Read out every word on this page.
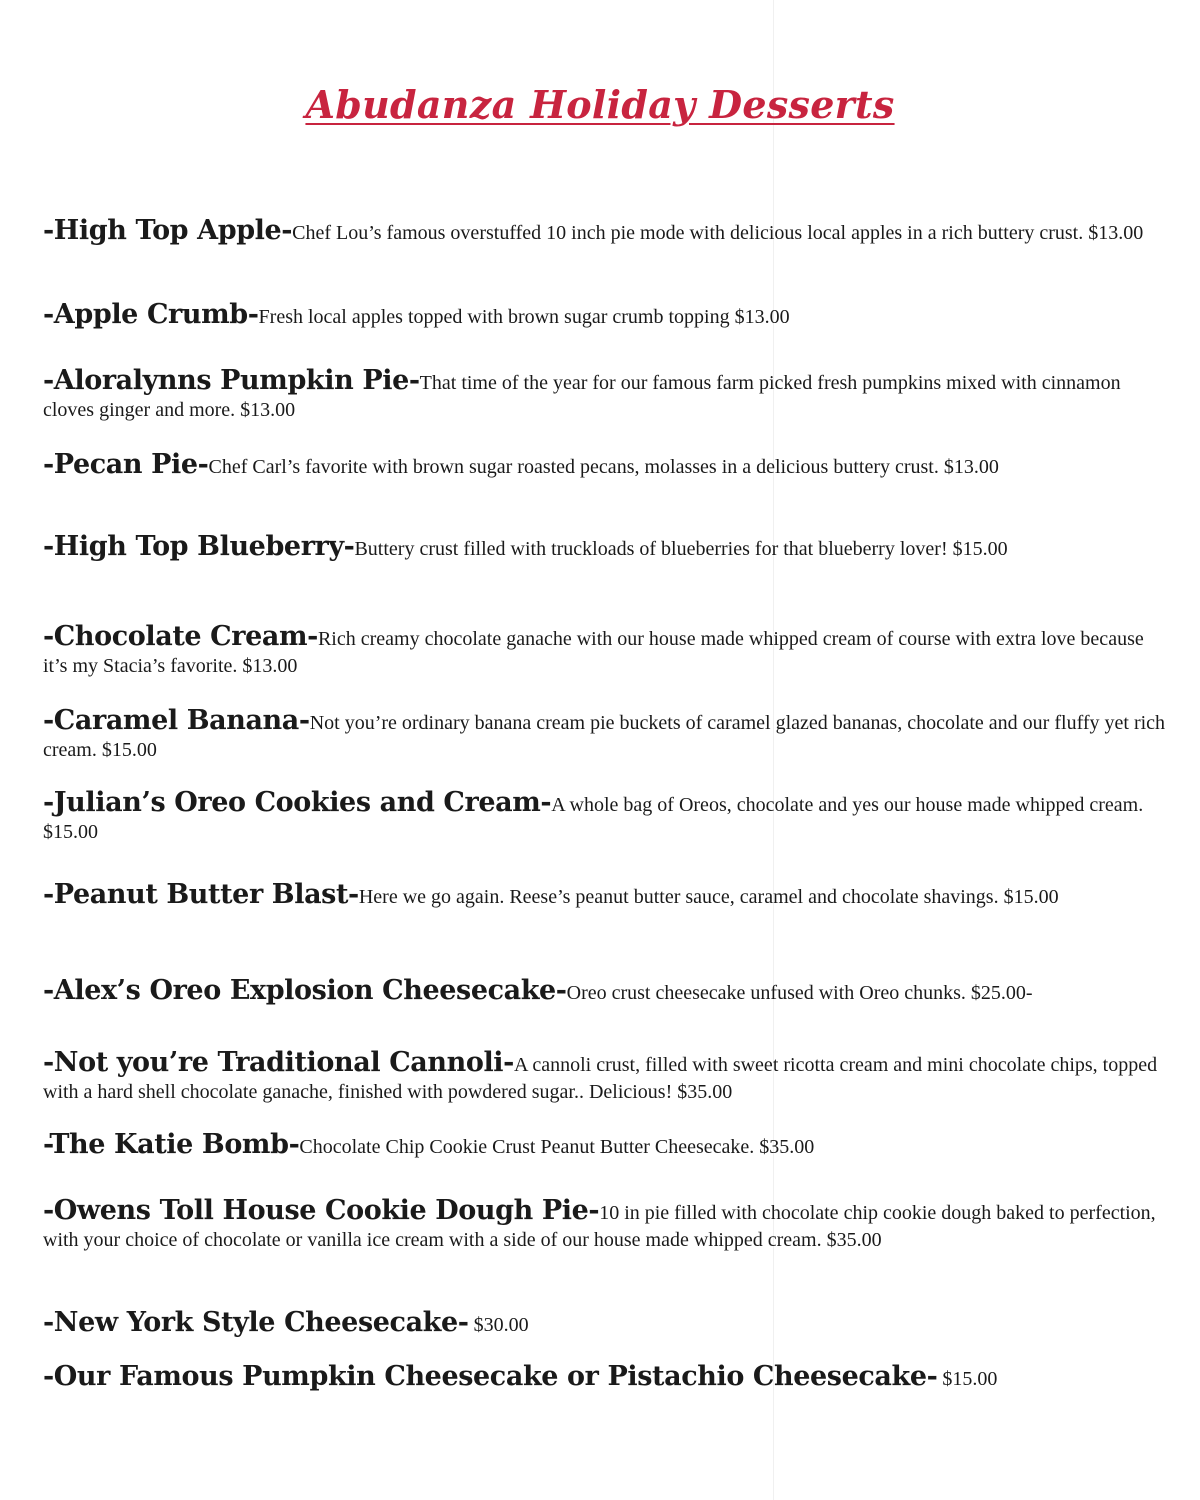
Abudanza Holiday Desserts
-High Top Apple-Chef Lou’s famous overstuffed 10 inch pie mode with delicious local apples in a rich buttery crust. $13.00
-Apple Crumb-Fresh local apples topped with brown sugar crumb topping $13.00
-Aloralynns Pumpkin Pie-That time of the year for our famous farm picked fresh pumpkins mixed with cinnamon cloves ginger and more. $13.00
-Pecan Pie-Chef Carl’s favorite with brown sugar roasted pecans, molasses in a delicious buttery crust. $13.00
-High Top Blueberry-Buttery crust filled with truckloads of blueberries for that blueberry lover! $15.00
-Chocolate Cream-Rich creamy chocolate ganache with our house made whipped cream of course with extra love because it’s my Stacia’s favorite. $13.00
-Caramel Banana-Not you’re ordinary banana cream pie buckets of caramel glazed bananas, chocolate and our fluffy yet rich cream. $15.00
-Julian’s Oreo Cookies and Cream-A whole bag of Oreos, chocolate and yes our house made whipped cream. $15.00
-Peanut Butter Blast-Here we go again. Reese’s peanut butter sauce, caramel and chocolate shavings. $15.00
-Alex’s Oreo Explosion Cheesecake-Oreo crust cheesecake unfused with Oreo chunks. $25.00-
-Not you’re Traditional Cannoli-A cannoli crust, filled with sweet ricotta cream and mini chocolate chips, topped with a hard shell chocolate ganache, finished with powdered sugar.. Delicious! $35.00
-The Katie Bomb-Chocolate Chip Cookie Crust Peanut Butter Cheesecake. $35.00
-Owens Toll House Cookie Dough Pie-10 in pie filled with chocolate chip cookie dough baked to perfection, with your choice of chocolate or vanilla ice cream with a side of our house made whipped cream. $35.00
-New York Style Cheesecake- $30.00
-Our Famous Pumpkin Cheesecake or Pistachio Cheesecake- $15.00
